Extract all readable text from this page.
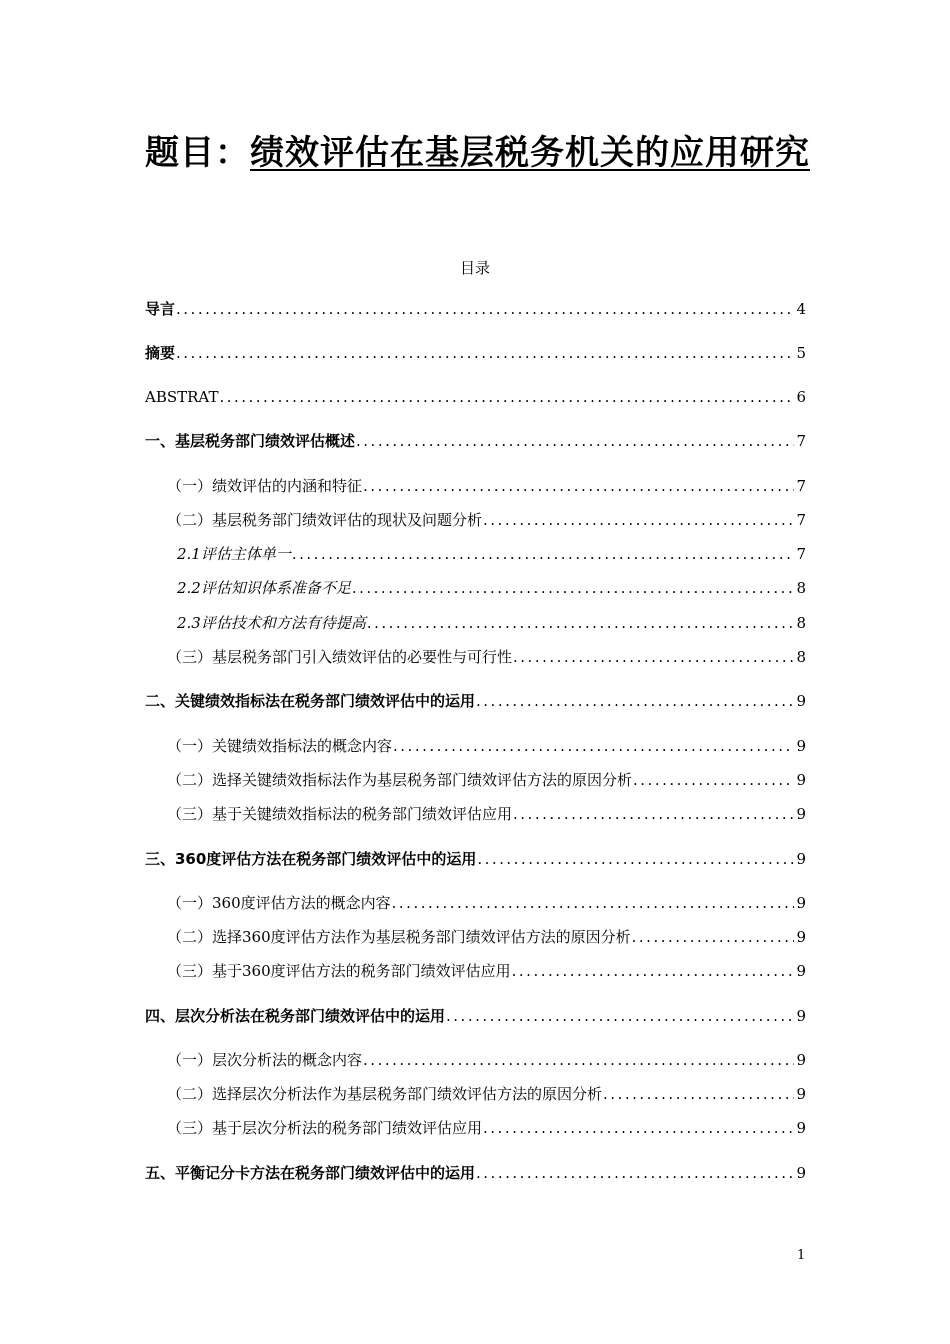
题目：绩效评估在基层税务机关的应用研究
目录
导言 .....	4
摘要 .....	5
ABSTRAT .....	6
一、基层税务部门绩效评估概述 .....	7
（一）绩效评估的内涵和特征 .....	7
（二）基层税务部门绩效评估的现状及问题分析 .....	7
2.1评估主体单一 .....	7
2.2评估知识体系准备不足 .....	8
2.3评估技术和方法有待提高 .....	8
（三）基层税务部门引入绩效评估的必要性与可行性 .....	8
二、关键绩效指标法在税务部门绩效评估中的运用 .....	9
（一）关键绩效指标法的概念内容 .....	9
（二）选择关键绩效指标法作为基层税务部门绩效评估方法的原因分析 .....	9
（三）基于关键绩效指标法的税务部门绩效评估应用 .....	9
三、360度评估方法在税务部门绩效评估中的运用 .....	9
（一）360度评估方法的概念内容 .....	9
（二）选择360度评估方法作为基层税务部门绩效评估方法的原因分析 .....	9
（三）基于360度评估方法的税务部门绩效评估应用 .....	9
四、层次分析法在税务部门绩效评估中的运用 .....	9
（一）层次分析法的概念内容 .....	9
（二）选择层次分析法作为基层税务部门绩效评估方法的原因分析 .....	9
（三）基于层次分析法的税务部门绩效评估应用 .....	9
五、平衡记分卡方法在税务部门绩效评估中的运用 .....	9
1
